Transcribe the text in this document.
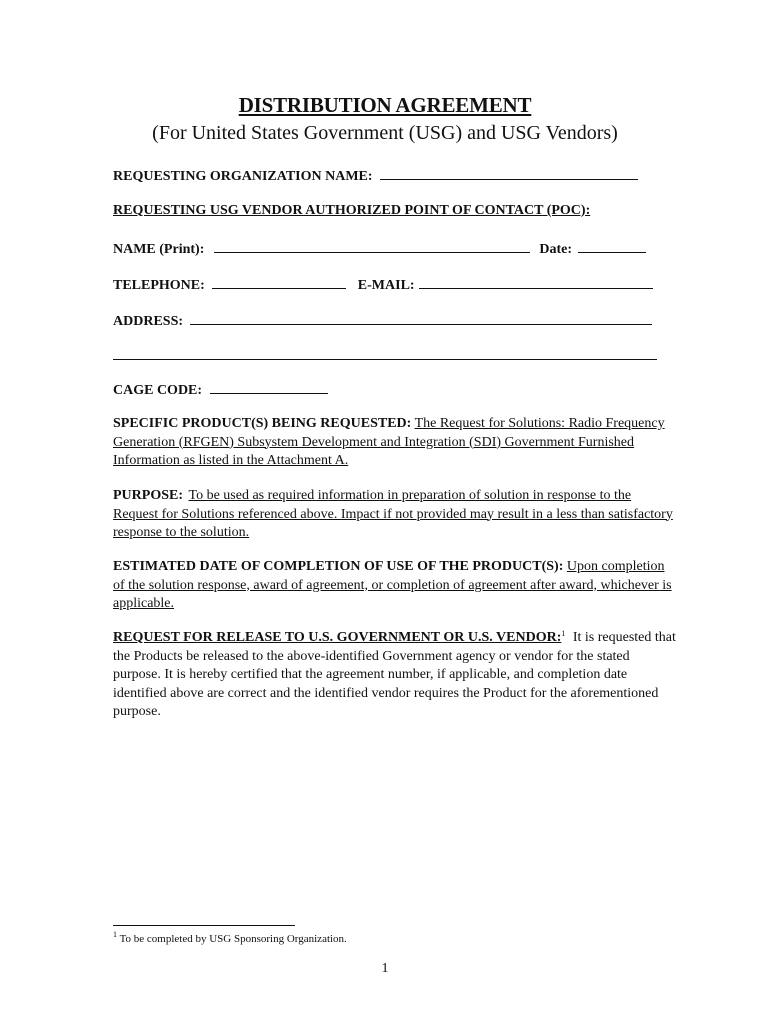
DISTRIBUTION AGREEMENT
(For United States Government (USG) and USG Vendors)
REQUESTING ORGANIZATION NAME:
REQUESTING USG VENDOR AUTHORIZED POINT OF CONTACT (POC):
NAME (Print):	Date:
TELEPHONE:	E-MAIL:
ADDRESS:
CAGE CODE:
SPECIFIC PRODUCT(S) BEING REQUESTED: The Request for Solutions: Radio Frequency Generation (RFGEN) Subsystem Development and Integration (SDI) Government Furnished Information as listed in the Attachment A.
PURPOSE: To be used as required information in preparation of solution in response to the Request for Solutions referenced above. Impact if not provided may result in a less than satisfactory response to the solution.
ESTIMATED DATE OF COMPLETION OF USE OF THE PRODUCT(S): Upon completion of the solution response, award of agreement, or completion of agreement after award, whichever is applicable.
REQUEST FOR RELEASE TO U.S. GOVERNMENT OR U.S. VENDOR:$^1$ It is requested that the Products be released to the above-identified Government agency or vendor for the stated purpose. It is hereby certified that the agreement number, if applicable, and completion date identified above are correct and the identified vendor requires the Product for the aforementioned purpose.
$^1$ To be completed by USG Sponsoring Organization.
1
